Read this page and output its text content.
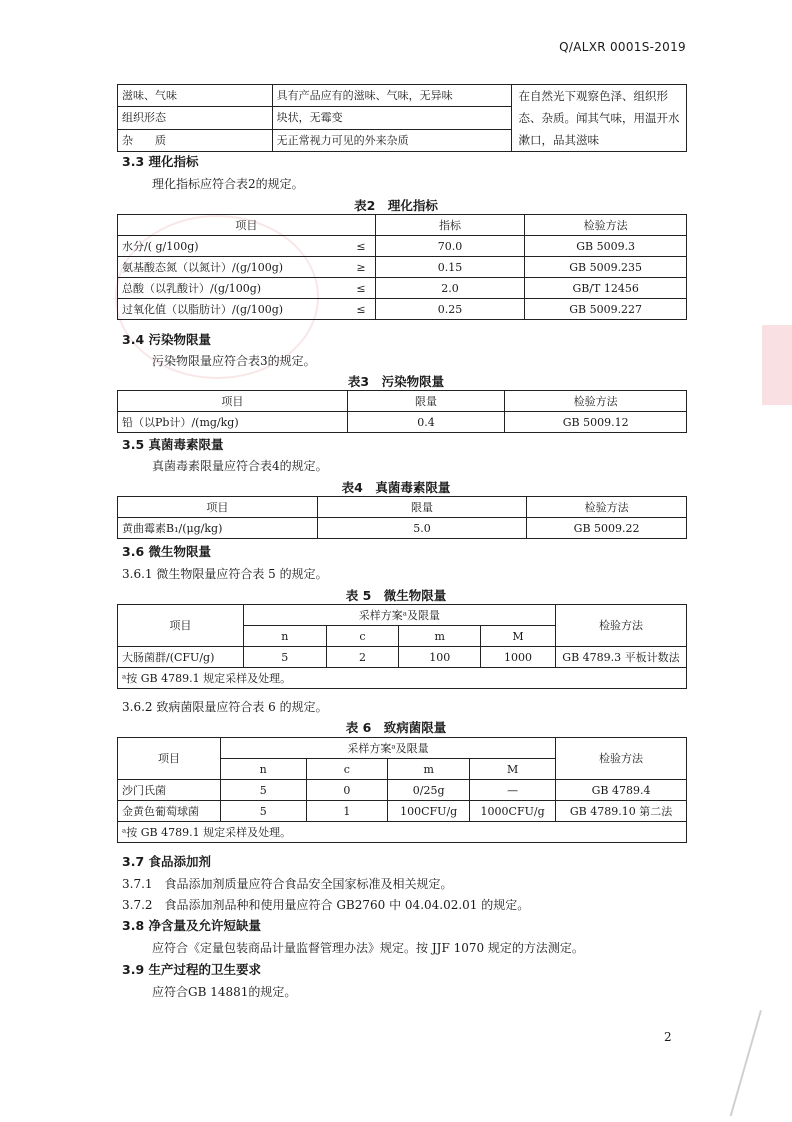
Q/ALXR 0001S-2019
滋味、气味	具有产品应有的滋味、气味，无异味	在自然光下观察色泽、组织形态、杂质。闻其气味，用温开水漱口，品其滋味
组织形态	块状，无霉变	
杂　　质	无正常视力可见的外来杂质	
3.3 理化指标
理化指标应符合表2的规定。
表2　理化指标
项目		指标	检验方法
水分/( g/100g)	≤	70.0	GB 5009.3
氨基酸态氮（以氮计）/(g/100g)	≥	0.15	GB 5009.235
总酸（以乳酸计）/(g/100g)	≤	2.0	GB/T 12456
过氧化值（以脂肪计）/(g/100g)	≤	0.25	GB 5009.227
3.4 污染物限量
污染物限量应符合表3的规定。
表3　污染物限量
项目	限量	检验方法
铅（以Pb计）/(mg/kg)	0.4	GB 5009.12
3.5 真菌毒素限量
真菌毒素限量应符合表4的规定。
表4　真菌毒素限量
项目	限量	检验方法
黄曲霉素B₁/(μg/kg)	5.0	GB 5009.22
3.6 微生物限量
3.6.1 微生物限量应符合表 5 的规定。
表 5　微生物限量
项目	采样方案ᵃ及限量				检验方法
	n	c	m	M	
大肠菌群/(CFU/g)	5	2	100	1000	GB 4789.3 平板计数法
ᵃ按 GB 4789.1 规定采样及处理。					
3.6.2 致病菌限量应符合表 6 的规定。
表 6　致病菌限量
项目	采样方案ᵃ及限量				检验方法
	n	c	m	M	
沙门氏菌	5	0	0/25g	—	GB 4789.4
金黄色葡萄球菌	5	1	100CFU/g	1000CFU/g	GB 4789.10 第二法
ᵃ按 GB 4789.1 规定采样及处理。					
3.7 食品添加剂
3.7.1　食品添加剂质量应符合食品安全国家标准及相关规定。
3.7.2　食品添加剂品种和使用量应符合 GB2760 中 04.04.02.01 的规定。
3.8 净含量及允许短缺量
应符合《定量包装商品计量监督管理办法》规定。按 JJF 1070 规定的方法测定。
3.9 生产过程的卫生要求
应符合GB 14881的规定。
2
